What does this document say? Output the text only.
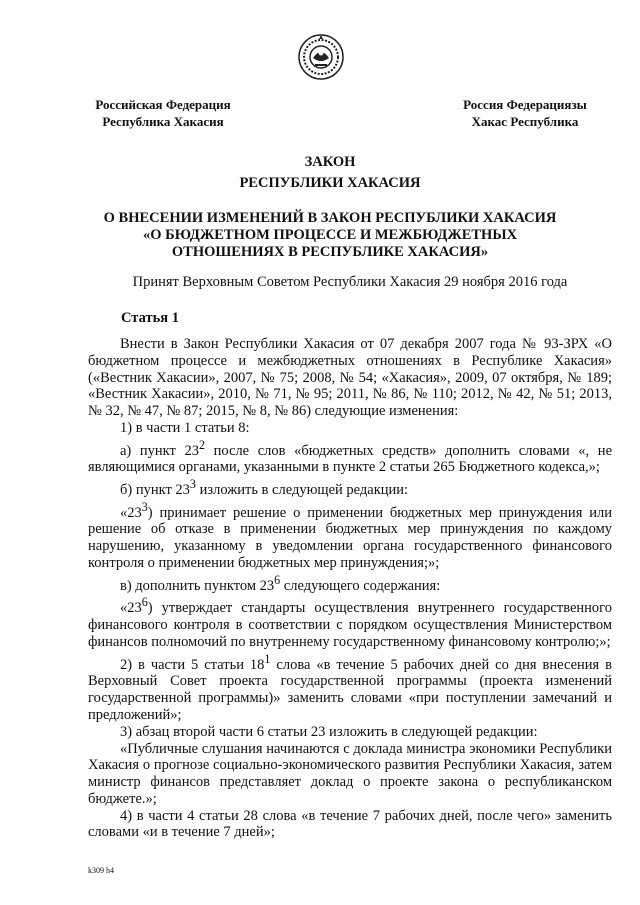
Российская Федерация
Республика Хакасия
Россия Федерациязы
Хакас Республика
ЗАКОН
РЕСПУБЛИКИ ХАКАСИЯ
О ВНЕСЕНИИ ИЗМЕНЕНИЙ В ЗАКОН РЕСПУБЛИКИ ХАКАСИЯ
«О БЮДЖЕТНОМ ПРОЦЕССЕ И МЕЖБЮДЖЕТНЫХ
ОТНОШЕНИЯХ В РЕСПУБЛИКЕ ХАКАСИЯ»
Принят Верховным Советом Республики Хакасия 29 ноября 2016 года
Статья 1

Внести в Закон Республики Хакасия от 07 декабря 2007 года № 93-ЗРХ «О бюджетном процессе и межбюджетных отношениях в Республике Хакасия» («Вестник Хакасии», 2007, № 75; 2008, № 54; «Хакасия», 2009, 07 октября, № 189; «Вестник Хакасии», 2010, № 71, № 95; 2011, № 86, № 110; 2012, № 42, № 51; 2013, № 32, № 47, № 87; 2015, № 8, № 86) следующие изменения:

1) в части 1 статьи 8:

а) пункт $23^2$ после слов «бюджетных средств» дополнить словами «, не являющимися органами, указанными в пункте 2 статьи 265 Бюджетного кодекса,»;

б) пункт $23^3$ изложить в следующей редакции:

«$23^3$) принимает решение о применении бюджетных мер принуждения или решение об отказе в применении бюджетных мер принуждения по каждому нарушению, указанному в уведомлении органа государственного финансового контроля о применении бюджетных мер принуждения;»;

в) дополнить пунктом $23^6$ следующего содержания:

«$23^6$) утверждает стандарты осуществления внутреннего государственного финансового контроля в соответствии с порядком осуществления Министерством финансов полномочий по внутреннему государственному финансовому контролю;»;

2) в части 5 статьи $18^1$ слова «в течение 5 рабочих дней со дня внесения в Верховный Совет проекта государственной программы (проекта изменений государственной программы)» заменить словами «при поступлении замечаний и предложений»;

3) абзац второй части 6 статьи 23 изложить в следующей редакции:

«Публичные слушания начинаются с доклада министра экономики Республики Хакасия о прогнозе социально-экономического развития Республики Хакасия, затем министр финансов представляет доклад о проекте закона о республиканском бюджете.»;

4) в части 4 статьи 28 слова «в течение 7 рабочих дней, после чего» заменить словами «и в течение 7 дней»;

k309 h4
